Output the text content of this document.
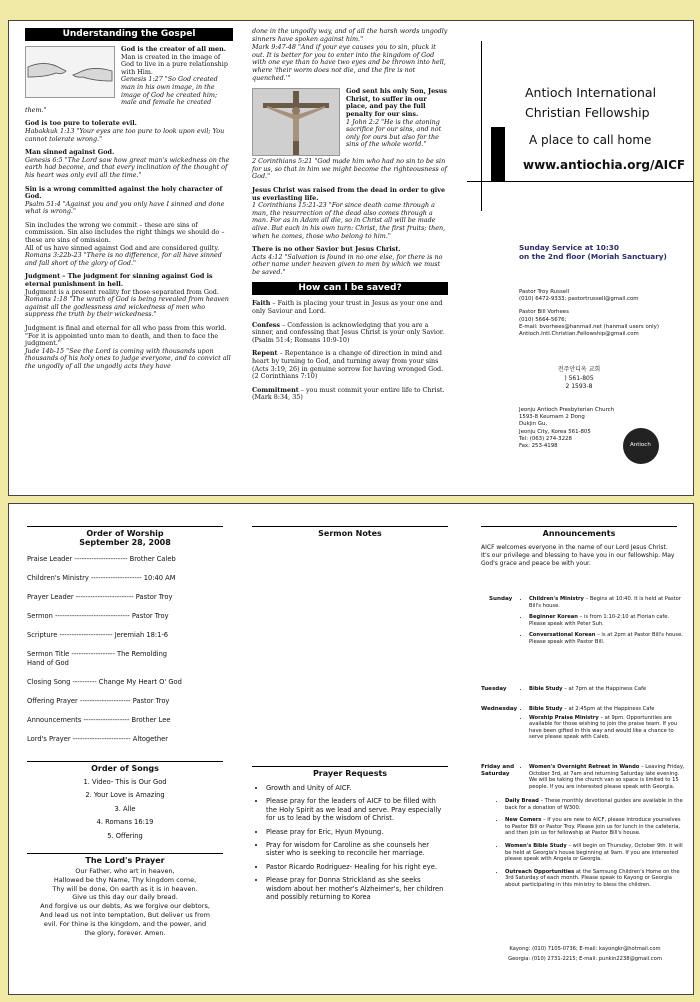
Understanding the Gospel

God is the creator of all men.
Man is created in the image of God to live in a pure relationship with Him.
Genesis 1:27 "So God created man in his own image, in the image of God he created him; male and female he created them."

God is too pure to tolerate evil.
Habakkuk 1:13 "Your eyes are too pure to look upon evil; You cannot tolerate wrong."

Man sinned against God.
Genesis 6:5 "The Lord saw how great man's wickedness on the earth had become, and that every inclination of the thought of his heart was only evil all the time."

Sin is a wrong committed against the holy character of God.
Psalm 51:4 "Against you and you only have I sinned and done what is wrong."

Sin includes the wrong we commit – these are sins of commission. Sin also includes the right things we should do – these are sins of omission.
All of us have sinned against God and are considered guilty.
Romans 3:22b-23 "There is no difference, for all have sinned and fall short of the glory of God."

Judgment – The judgment for sinning against God is eternal punishment in hell.
Judgment is a present reality for those separated from God.
Romans 1:18 "The wrath of God is being revealed from heaven against all the godlessness and wickedness of men who suppress the truth by their wickedness."

Judgment is final and eternal for all who pass from this world. "For it is appointed unto man to death, and then to face the judgment."
Jude 14b-15 "See the Lord is coming with thousands upon thousands of his holy ones to judge everyone, and to convict all the ungodly of all the ungodly acts they have

done in the ungodly way, and of all the harsh words ungodly sinners have spoken against him."

Mark 9:47-48 "And if your eye causes you to sin, pluck it out. It is better for you to enter into the kingdom of God with one eye than to have two eyes and be thrown into hell, where 'their worm does not die, and the fire is not quenched.'"

God sent his only Son, Jesus Christ, to suffer in our place, and pay the full penalty for our sins.
1 John 2:2 "He is the atoning sacrifice for our sins, and not only for ours but also for the sins of the whole world."

2 Corinthians 5:21 "God made him who had no sin to be sin for us, so that in him we might become the righteousness of God."

Jesus Christ was raised from the dead in order to give us everlasting life.
1 Corinthians 15:21-23 "For since death came through a man, the resurrection of the dead also comes through a man. For as in Adam all die, so in Christ all will be made alive. But each in his own turn: Christ, the first fruits; then, when he comes, those who belong to him."

There is no other Savior but Jesus Christ.
Acts 4:12 "Salvation is found in no one else, for there is no other name under heaven given to men by which we must be saved."

How can I be saved?

Faith – Faith is placing your trust in Jesus as your one and only Saviour and Lord.

Confess – Confession is acknowledging that you are a sinner, and confessing that Jesus Christ is your only Savior. (Psalm 51:4; Romans 10:9-10)

Repent – Repentance is a change of direction in mind and heart by turning to God, and turning away from your sins (Acts 3:19, 26) in genuine sorrow for having wronged God. (2 Corinthians 7:10)

Commitment – you must commit your entire life to Christ. (Mark 8:34, 35)

Antioch International
Christian Fellowship
A place to call home
www.antiochia.org/AICF
Sunday Service at 10:30
on the 2nd floor (Moriah Sanctuary)
Pastor Troy Russell
(010) 6472-9333; pastortrussell@gmail.com
Pastor Bill Vorhees
(010) 5664-5676;
E-mail: bvorhees@hanmail.net (hanmail users only)
Antioch.Intl.Christian.Fellowship@gmail.com
전주안디옥 교회
) 561-805
2 1593-8
Jeonju Antioch Presbyterian Church
1593-8 Keumam 2 Dong
Dukjin Gu,
Jeonju City, Korea 561-805
Tel: (063) 274-3228
Fax: 253-4198	Antioch
Order of Worship
September 28, 2008
Praise Leader ---------------------- Brother Caleb
Children's Ministry --------------------- 10:40 AM
Prayer Leader ------------------------ Pastor Troy
Sermon ------------------------------- Pastor Troy
Scripture ---------------------- Jeremiah 18:1-6
Sermon Title ------------------ The Remolding
Hand of God
Closing Song ---------- Change My Heart O' God
Offering Prayer --------------------- Pastor Troy
Announcements ------------------- Brother Lee
Lord's Prayer ------------------------ Altogether
Order of Songs
1. Video- This is Our God
2. Your Love is Amazing
3. Alle
4. Romans 16:19
5. Offering
The Lord's Prayer
Our Father, who art in heaven,
Hallowed be thy Name, Thy kingdom come,
Thy will be done, On earth as it is in heaven.
Give us this day our daily bread.
And forgive us our debts, As we forgive our debtors,
And lead us not into temptation, But deliver us from
evil. For thine is the kingdom, and the power, and
the glory, forever. Amen.
Sermon Notes
Prayer Requests
• Growth and Unity of AICF.
• Please pray for the leaders of AICF to be filled with the Holy Spirit as we lead and serve. Pray especially for us to lead by the wisdom of Christ.
• Please pray for Eric, Hyun Myoung.
• Pray for wisdom for Caroline as she counsels her sister who is seeking to reconcile her marriage.
• Pastor Ricardo Rodriguez- Healing for his right eye.
• Please pray for Donna Strickland as she seeks wisdom about her mother's Alzheimer's, her children and possibly returning to Korea
Announcements
AICF welcomes everyone in the name of our Lord Jesus Christ. It's our privilege and blessing to have you in our fellowship. May God's grace and peace be with your.
Sunday	• Children's Ministry – Begins at 10:40. It is held at Pastor Bill's house.
• Beginner Korean – is from 1:10-2:10 at Florian cafe. Please speak with Peter Suh.
• Conversational Korean – is at 2pm at Pastor Bill's house. Please speak with Pastor Bill.
Tuesday	• Bible Study – at 7pm at the Happiness Cafe
Wednesday • Bible Study – at 2:45pm at the Happiness Cafe
• Worship Praise Ministry – at 9pm. Opportunities are available for those wishing to join the praise team. If you have been gifted in this way and would like a chance to serve please speak with Caleb.
Friday and Saturday
• Women's Overnight Retreat in Wando – Leaving Friday, October 3rd, at 7am and returning Saturday late evening. We will be taking the church van so space is limited to 15 people. If you are interested please speak with Georgia.
• Daily Bread – These monthly devotional guides are available in the back for a donation of W300.
• New Comers – If you are new to AICF, please introduce yourselves to Pastor Bill or Pastor Troy. Please join us for lunch in the cafeteria, and then join us for fellowship at Pastor Bill's house.
• Women's Bible Study – will begin on Thursday, October 9th. It will be held at Georgia's house beginning at 9am. If you are interested please speak with Angela or Georgia.
• Outreach Opportunities at the Samsung Children's Home on the 3rd Saturday of each month. Please speak to Kayong or Georgia about participating in this ministry to bless the children.
Kayong: (010) 7105-0736; E-mail: kayongkr@hotmail.com
Georgia: (010) 2731-2215; E-mail: punkin2238@gmail.com
